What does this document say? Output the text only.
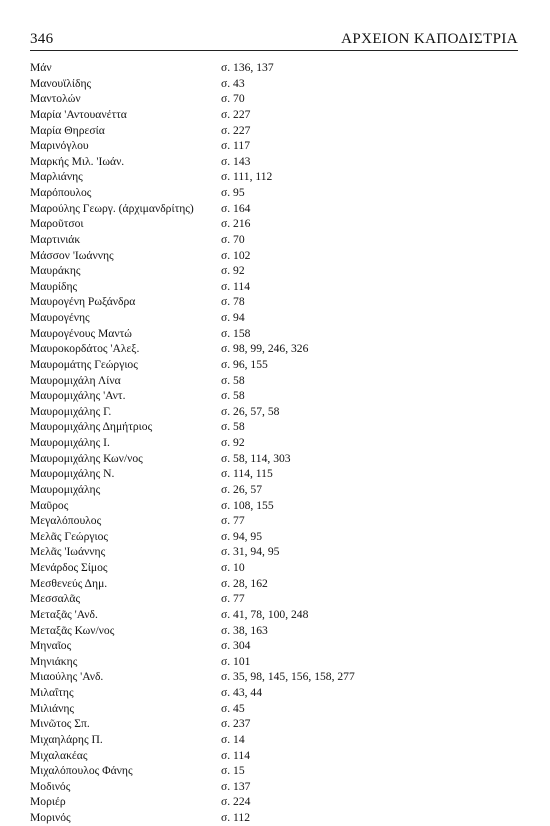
346	ΑΡΧΕΙΟΝ ΚΑΠΟΔΙΣΤΡΙΑ
Μάν	σ. 136, 137
Μανουϊλίδης	σ. 43
Μαντολών	σ. 70
Μαρία 'Αντουανέττα	σ. 227
Μαρία Θηρεσία	σ. 227
Μαρινόγλου	σ. 117
Μαρκής Μιλ. 'Ιωάν.	σ. 143
Μαρλιάνης	σ. 111, 112
Μαρόπουλος	σ. 95
Μαρούλης Γεωργ. (άρχιμανδρίτης)	σ. 164
Μαροῦτσοι	σ. 216
Μαρτινιάκ	σ. 70
Μάσσον 'Ιωάννης	σ. 102
Μαυράκης	σ. 92
Μαυρίδης	σ. 114
Μαυρογένη Ρωξάνδρα	σ. 78
Μαυρογένης	σ. 94
Μαυρογένους Μαντώ	σ. 158
Μαυροκορδάτος 'Αλεξ.	σ. 98, 99, 246, 326
Μαυρομάτης Γεώργιος	σ. 96, 155
Μαυρομιχάλη Λίνα	σ. 58
Μαυρομιχάλης 'Αντ.	σ. 58
Μαυρομιχάλης Γ.	σ. 26, 57, 58
Μαυρομιχάλης Δημήτριος	σ. 58
Μαυρομιχάλης Ι.	σ. 92
Μαυρομιχάλης Κων/νος	σ. 58, 114, 303
Μαυρομιχάλης Ν.	σ. 114, 115
Μαυρομιχάλης	σ. 26, 57
Μαῦρος	σ. 108, 155
Μεγαλόπουλος	σ. 77
Μελᾶς Γεώργιος	σ. 94, 95
Μελᾶς 'Ιωάννης	σ. 31, 94, 95
Μενάρδος Σίμος	σ. 10
Μεσθενεύς Δημ.	σ. 28, 162
Μεσσαλᾶς	σ. 77
Μεταξᾶς 'Ανδ.	σ. 41, 78, 100, 248
Μεταξᾶς Κων/νος	σ. 38, 163
Μηναῖος	σ. 304
Μηνιάκης	σ. 101
Μιαούλης 'Ανδ.	σ. 35, 98, 145, 156, 158, 277
Μιλαΐτης	σ. 43, 44
Μιλιάνης	σ. 45
Μινῶτος Σπ.	σ. 237
Μιχαηλάρης Π.	σ. 14
Μιχαλακέας	σ. 114
Μιχαλόπουλος Φάνης	σ. 15
Μοδινός	σ. 137
Μοριέρ	σ. 224
Μορινός	σ. 112
